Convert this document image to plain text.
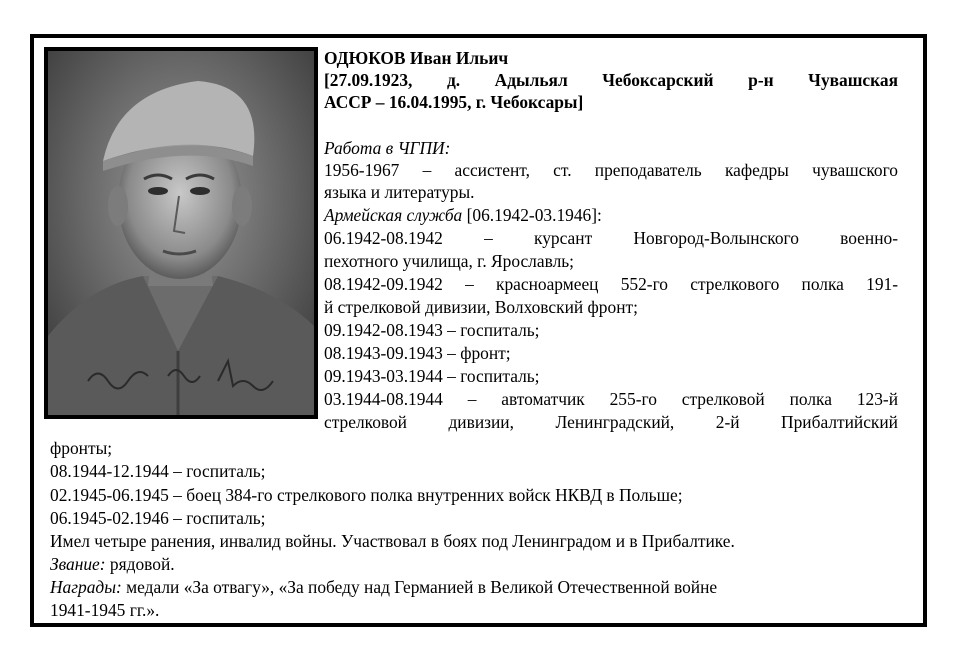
ОДЮКОВ Иван Ильич
[27.09.1923, д. Адыльял Чебоксарский р-н Чувашская
АССР – 16.04.1995, г. Чебоксары]
Работа в ЧГПИ:
1956-1967 – ассистент, ст. преподаватель кафедры чувашского
языка и литературы.
Армейская служба [06.1942-03.1946]:
06.1942-08.1942 – курсант Новгород-Волынского военно-
пехотного училища, г. Ярославль;
08.1942-09.1942 – красноармеец 552-го стрелкового полка 191-
й стрелковой дивизии, Волховский фронт;
09.1942-08.1943 – госпиталь;
08.1943-09.1943 – фронт;
09.1943-03.1944 – госпиталь;
03.1944-08.1944 – автоматчик 255-го стрелковой полка 123-й
стрелковой дивизии, Ленинградский, 2-й Прибалтийский
фронты;
08.1944-12.1944 – госпиталь;
02.1945-06.1945 – боец 384-го стрелкового полка внутренних войск НКВД в Польше;
06.1945-02.1946 – госпиталь;
Имел четыре ранения, инвалид войны. Участвовал в боях под Ленинградом и в Прибалтике.
Звание: рядовой.
Награды: медали «За отвагу», «За победу над Германией в Великой Отечественной войне
1941-1945 гг.».
